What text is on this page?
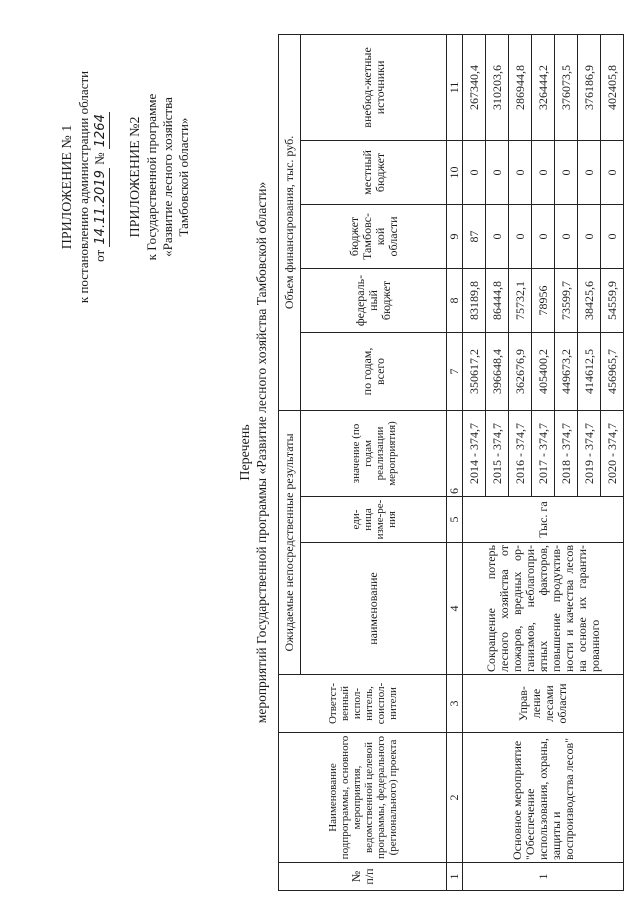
ПРИЛОЖЕНИЕ № 1 к постановлению администрации области от 14.11.2019 № 1264 ПРИЛОЖЕНИЕ №2 к Государственной программе «Развитие лесного хозяйства Тамбовской области»
Перечень мероприятий Государственной программы «Развитие лесного хозяйства Тамбовской области»
№ п/п	Наименование подпрограммы, основного мероприятия, ведомственной целевой программы, федерального (регионального) проекта	Ответст-венный испол-нитель, соиспол-нители	Ожидаемые непосредственные результаты			Объем финансирования, тыс. руб.				
			наименование	еди-ница изме-ре-ния	значение (по годам реализации мероприятия)	по годам, всего	федераль-ный бюджет	бюджет Тамбовс-кой области	местный бюджет	внебюд-жетные источники
1	2	3	4	5	6	7	8	9	10	11
1	Основное мероприятие "Обеспечение использования, охраны, защиты и воспроизводства лесов"	Управ-ление лесами области	Сокращение потерь лесного хозяйства от пожаров, вредных ор-ганизмов, неблагопри-ятных факторов, повышение продуктив-ности и качества лесов на основе их гаранти-рованного	Тыс. га	2014 - 374,7	350617,2	83189,8	87	0	267340,4
					2015 - 374,7	396648,4	86444,8	0	0	310203,6
					2016 - 374,7	362676,9	75732,1	0	0	286944,8
					2017 - 374,7	405400,2	78956	0	0	326444,2
					2018 - 374,7	449673,2	73599,7	0	0	376073,5
					2019 - 374,7	414612,5	38425,6	0	0	376186,9
					2020 - 374,7	456965,7	54559,9	0	0	402405,8
